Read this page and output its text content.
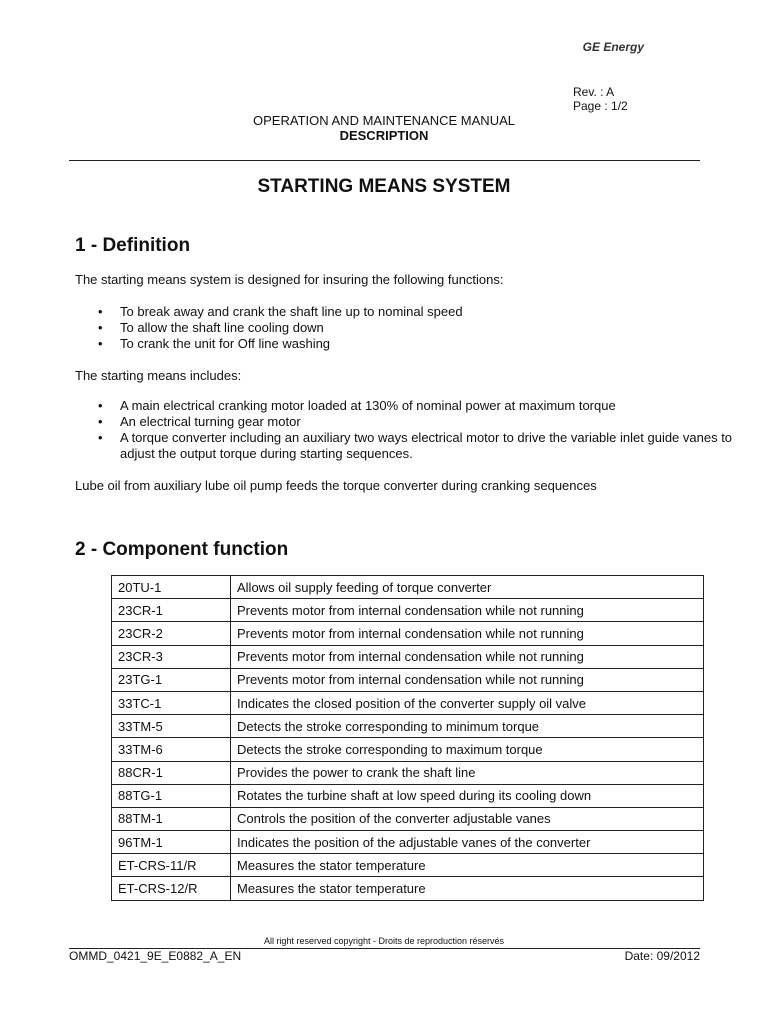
GE Energy
Rev. : A
Page : 1/2
OPERATION AND MAINTENANCE MANUAL
DESCRIPTION
STARTING MEANS SYSTEM
1 - Definition
The starting means system is designed for insuring the following functions:
• To break away and crank the shaft line up to nominal speed
• To allow the shaft line cooling down
• To crank the unit for Off line washing
The starting means includes:
• A main electrical cranking motor loaded at 130% of nominal power at maximum torque
• An electrical turning gear motor
• A torque converter including an auxiliary two ways electrical motor to drive the variable inlet guide vanes to adjust the output torque during starting sequences.
Lube oil from auxiliary lube oil pump feeds the torque converter during cranking sequences
2 - Component function
20TU-1	Allows oil supply feeding of torque converter
23CR-1	Prevents motor from internal condensation while not running
23CR-2	Prevents motor from internal condensation while not running
23CR-3	Prevents motor from internal condensation while not running
23TG-1	Prevents motor from internal condensation while not running
33TC-1	Indicates the closed position of the converter supply oil valve
33TM-5	Detects the stroke corresponding to minimum torque
33TM-6	Detects the stroke corresponding to maximum torque
88CR-1	Provides the power to crank the shaft line
88TG-1	Rotates the turbine shaft at low speed during its cooling down
88TM-1	Controls the position of the converter adjustable vanes
96TM-1	Indicates the position of the adjustable vanes of the converter
ET-CRS-11/R	Measures the stator temperature
ET-CRS-12/R	Measures the stator temperature
All right reserved copyright - Droits de reproduction réservés
OMMD_0421_9E_E0882_A_EN	Date: 09/2012
